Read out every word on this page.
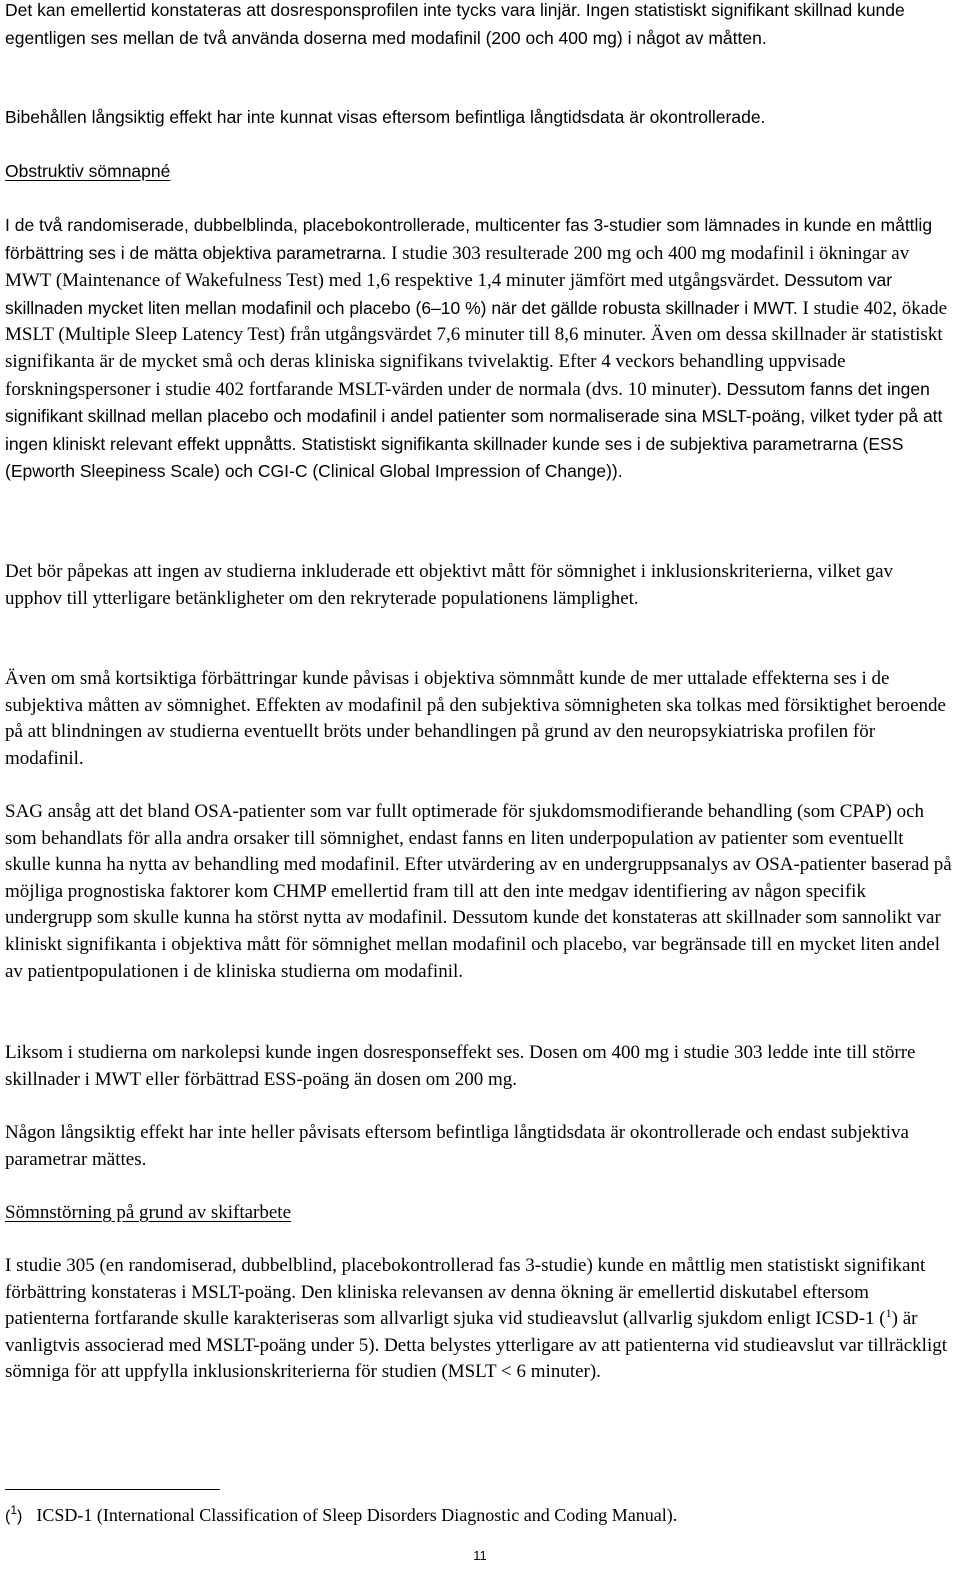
Det kan emellertid konstateras att dosresponsprofilen inte tycks vara linjär. Ingen statistiskt signifikant skillnad kunde egentligen ses mellan de två använda doserna med modafinil (200 och 400 mg) i något av måtten.

Bibehållen långsiktig effekt har inte kunnat visas eftersom befintliga långtidsdata är okontrollerade.

Obstruktiv sömnapné

I de två randomiserade, dubbelblinda, placebokontrollerade, multicenter fas 3-studier som lämnades in kunde en måttlig förbättring ses i de mätta objektiva parametrarna. I studie 303 resulterade 200 mg och 400 mg modafinil i ökningar av MWT (Maintenance of Wakefulness Test) med 1,6 respektive 1,4 minuter jämfört med utgångsvärdet. Dessutom var skillnaden mycket liten mellan modafinil och placebo (6–10 %) när det gällde robusta skillnader i MWT. I studie 402, ökade MSLT (Multiple Sleep Latency Test) från utgångsvärdet 7,6 minuter till 8,6 minuter. Även om dessa skillnader är statistiskt signifikanta är de mycket små och deras kliniska signifikans tvivelaktig. Efter 4 veckors behandling uppvisade forskningspersoner i studie 402 fortfarande MSLT-värden under de normala (dvs. 10 minuter). Dessutom fanns det ingen signifikant skillnad mellan placebo och modafinil i andel patienter som normaliserade sina MSLT-poäng, vilket tyder på att ingen kliniskt relevant effekt uppnåtts. Statistiskt signifikanta skillnader kunde ses i de subjektiva parametrarna (ESS (Epworth Sleepiness Scale) och CGI-C (Clinical Global Impression of Change)).

Det bör påpekas att ingen av studierna inkluderade ett objektivt mått för sömnighet i inklusionskriterierna, vilket gav upphov till ytterligare betänkligheter om den rekryterade populationens lämplighet.

Även om små kortsiktiga förbättringar kunde påvisas i objektiva sömnmått kunde de mer uttalade effekterna ses i de subjektiva måtten av sömnighet. Effekten av modafinil på den subjektiva sömnigheten ska tolkas med försiktighet beroende på att blindningen av studierna eventuellt bröts under behandlingen på grund av den neuropsykiatriska profilen för modafinil.

SAG ansåg att det bland OSA-patienter som var fullt optimerade för sjukdomsmodifierande behandling (som CPAP) och som behandlats för alla andra orsaker till sömnighet, endast fanns en liten underpopulation av patienter som eventuellt skulle kunna ha nytta av behandling med modafinil. Efter utvärdering av en undergruppsanalys av OSA-patienter baserad på möjliga prognostiska faktorer kom CHMP emellertid fram till att den inte medgav identifiering av någon specifik undergrupp som skulle kunna ha störst nytta av modafinil. Dessutom kunde det konstateras att skillnader som sannolikt var kliniskt signifikanta i objektiva mått för sömnighet mellan modafinil och placebo, var begränsade till en mycket liten andel av patientpopulationen i de kliniska studierna om modafinil.

Liksom i studierna om narkolepsi kunde ingen dosresponseffekt ses. Dosen om 400 mg i studie 303 ledde inte till större skillnader i MWT eller förbättrad ESS-poäng än dosen om 200 mg.

Någon långsiktig effekt har inte heller påvisats eftersom befintliga långtidsdata är okontrollerade och endast subjektiva parametrar mättes.

Sömnstörning på grund av skiftarbete

I studie 305 (en randomiserad, dubbelblind, placebokontrollerad fas 3-studie) kunde en måttlig men statistiskt signifikant förbättring konstateras i MSLT-poäng. Den kliniska relevansen av denna ökning är emellertid diskutabel eftersom patienterna fortfarande skulle karakteriseras som allvarligt sjuka vid studieavslut (allvarlig sjukdom enligt ICSD-1 ($^1$) är vanligtvis associerad med MSLT-poäng under 5). Detta belystes ytterligare av att patienterna vid studieavslut var tillräckligt sömniga för att uppfylla inklusionskriterierna för studien (MSLT < 6 minuter).

($^1$) ICSD-1 (International Classification of Sleep Disorders Diagnostic and Coding Manual).
11
